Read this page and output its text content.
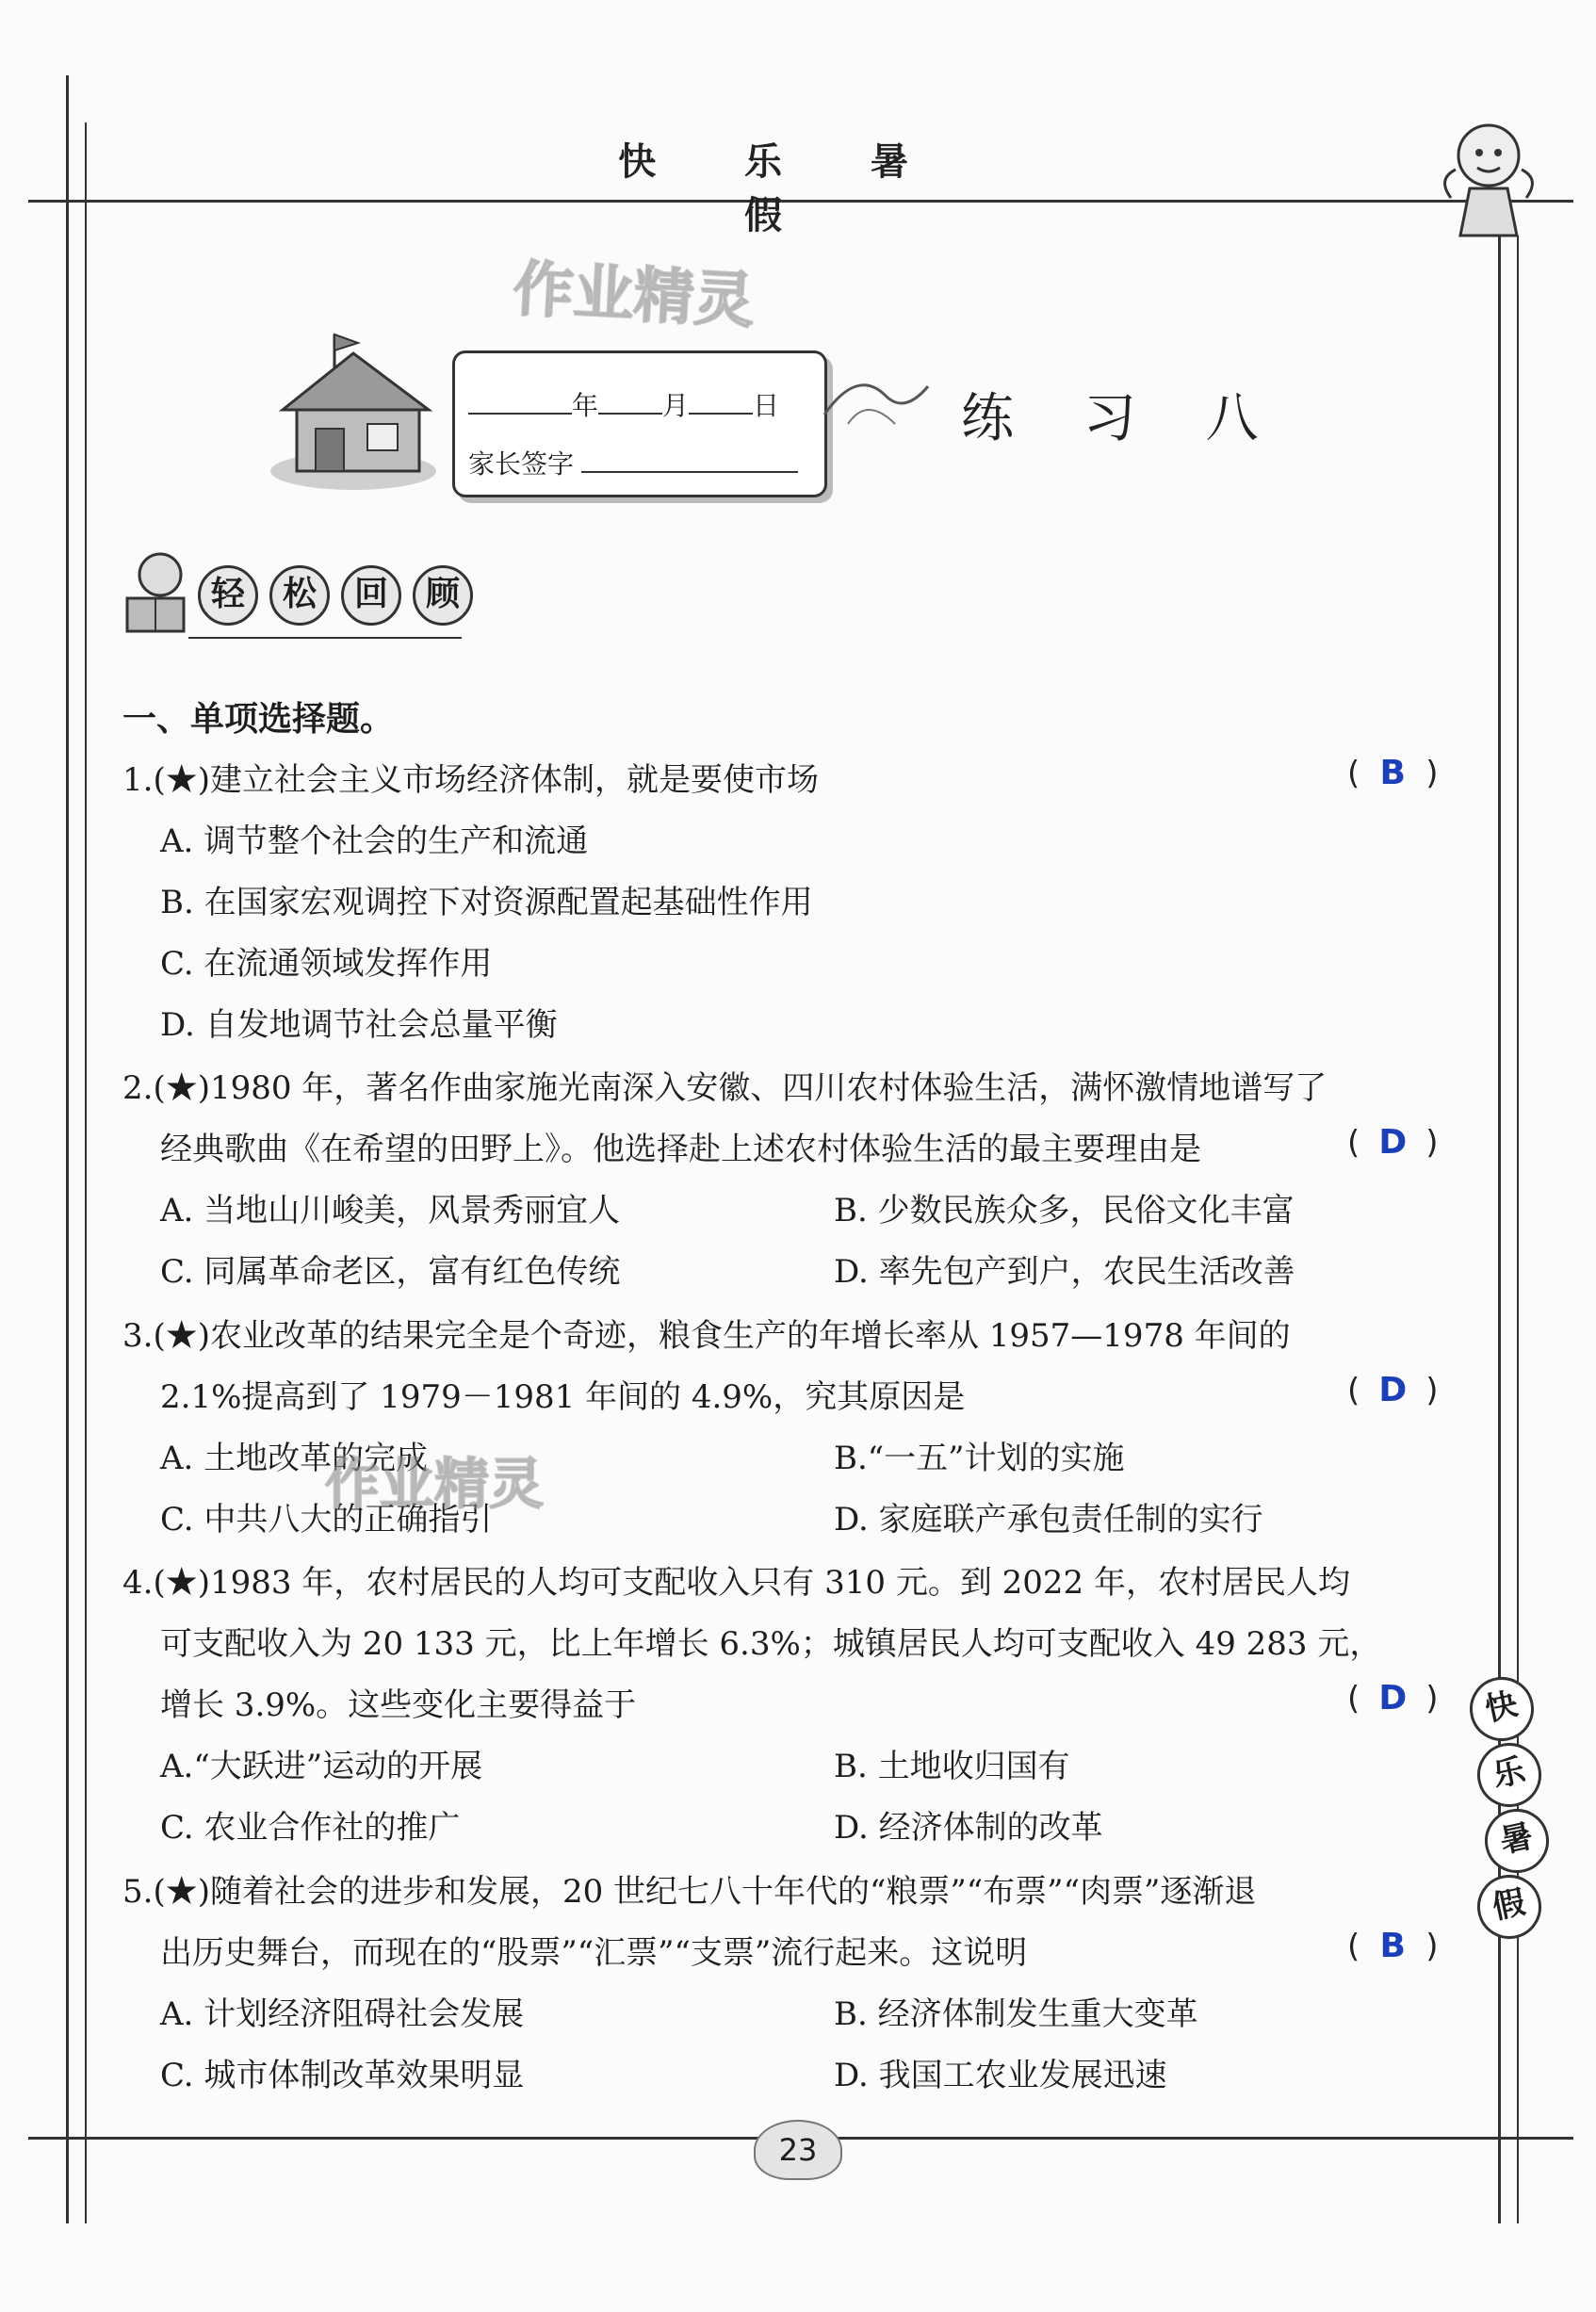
快 乐 暑 假
作业精灵
年 月 日
家长签字
练 习 八
轻 松 回 顾
一、单项选择题。
1.(★)建立社会主义市场经济体制，就是要使市场	( B )
A. 调节整个社会的生产和流通
B. 在国家宏观调控下对资源配置起基础性作用
C. 在流通领域发挥作用
D. 自发地调节社会总量平衡
2.(★)1980 年，著名作曲家施光南深入安徽、四川农村体验生活，满怀激情地谱写了
经典歌曲《在希望的田野上》。他选择赴上述农村体验生活的最主要理由是	( D )
A. 当地山川峻美，风景秀丽宜人	B. 少数民族众多，民俗文化丰富
C. 同属革命老区，富有红色传统	D. 率先包产到户，农民生活改善
3.(★)农业改革的结果完全是个奇迹，粮食生产的年增长率从 1957—1978 年间的
2.1%提高到了 1979－1981 年间的 4.9%，究其原因是	( D )
A. 土地改革的完成	B.“一五”计划的实施
C. 中共八大的正确指引	D. 家庭联产承包责任制的实行
作业精灵
4.(★)1983 年，农村居民的人均可支配收入只有 310 元。到 2022 年，农村居民人均
可支配收入为 20 133 元，比上年增长 6.3%；城镇居民人均可支配收入 49 283 元，
增长 3.9%。这些变化主要得益于	( D )
A.“大跃进”运动的开展	B. 土地收归国有
C. 农业合作社的推广	D. 经济体制的改革
5.(★)随着社会的进步和发展，20 世纪七八十年代的“粮票”“布票”“肉票”逐渐退
出历史舞台，而现在的“股票”“汇票”“支票”流行起来。这说明	( B )
A. 计划经济阻碍社会发展	B. 经济体制发生重大变革
C. 城市体制改革效果明显	D. 我国工农业发展迅速
快
乐
暑
假
23
